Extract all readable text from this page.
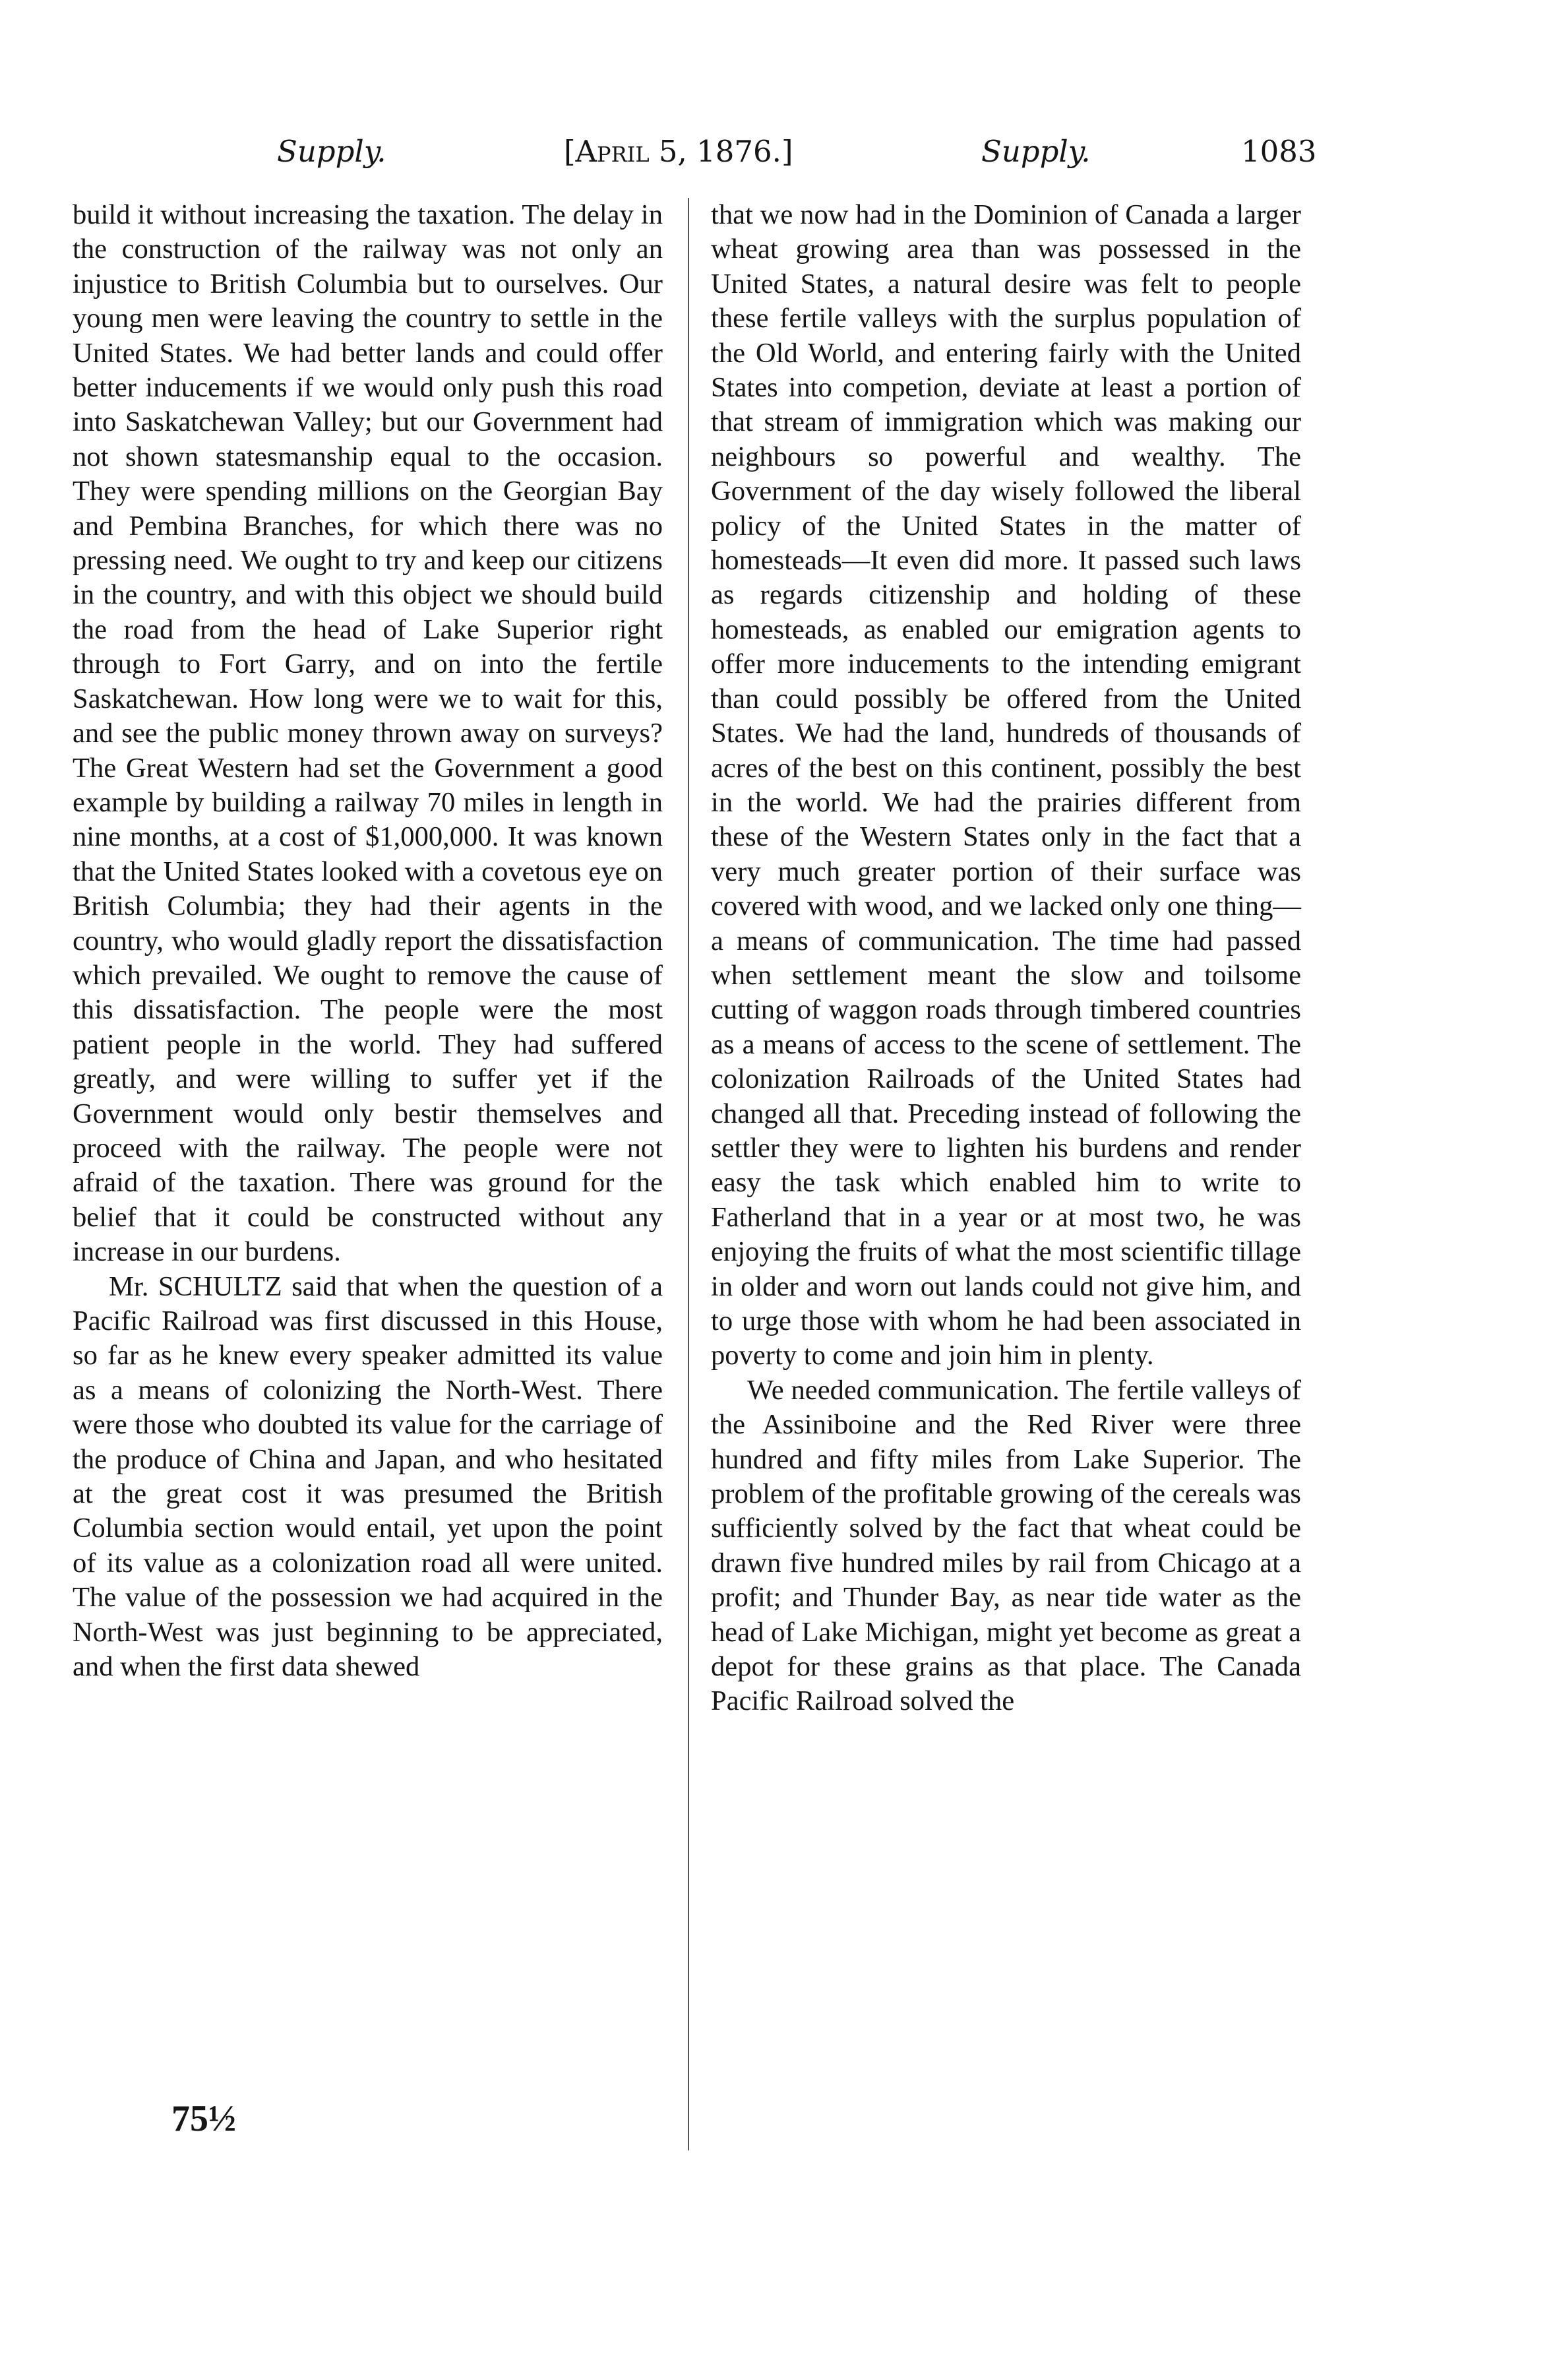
Supply.	[April 5, 1876.]	Supply.	1083

build it without increasing the taxation. The delay in the construction of the railway was not only an injustice to British Columbia but to ourselves. Our young men were leaving the country to settle in the United States. We had better lands and could offer better inducements if we would only push this road into Saskatchewan Valley; but our Government had not shown statesmanship equal to the occasion. They were spending millions on the Georgian Bay and Pembina Branches, for which there was no pressing need. We ought to try and keep our citizens in the country, and with this object we should build the road from the head of Lake Superior right through to Fort Garry, and on into the fertile Saskatchewan. How long were we to wait for this, and see the public money thrown away on surveys? The Great Western had set the Government a good example by building a railway 70 miles in length in nine months, at a cost of $1,000,000. It was known that the United States looked with a covetous eye on British Columbia; they had their agents in the country, who would gladly report the dissatisfaction which prevailed. We ought to remove the cause of this dissatisfaction. The people were the most patient people in the world. They had suffered greatly, and were willing to suffer yet if the Government would only bestir themselves and proceed with the railway. The people were not afraid of the taxation. There was ground for the belief that it could be constructed without any increase in our burdens.

Mr. SCHULTZ said that when the question of a Pacific Railroad was first discussed in this House, so far as he knew every speaker admitted its value as a means of colonizing the North-West. There were those who doubted its value for the carriage of the produce of China and Japan, and who hesitated at the great cost it was presumed the British Columbia section would entail, yet upon the point of its value as a colonization road all were united. The value of the possession we had acquired in the North-West was just beginning to be appreciated, and when the first data shewed

that we now had in the Dominion of Canada a larger wheat growing area than was possessed in the United States, a natural desire was felt to people these fertile valleys with the surplus population of the Old World, and entering fairly with the United States into competion, deviate at least a portion of that stream of immigration which was making our neighbours so powerful and wealthy. The Government of the day wisely followed the liberal policy of the United States in the matter of homesteads—It even did more. It passed such laws as regards citizenship and holding of these homesteads, as enabled our emigration agents to offer more inducements to the intending emigrant than could possibly be offered from the United States. We had the land, hundreds of thousands of acres of the best on this continent, possibly the best in the world. We had the prairies different from these of the Western States only in the fact that a very much greater portion of their surface was covered with wood, and we lacked only one thing—a means of communication. The time had passed when settlement meant the slow and toilsome cutting of waggon roads through timbered countries as a means of access to the scene of settlement. The colonization Railroads of the United States had changed all that. Preceding instead of following the settler they were to lighten his burdens and render easy the task which enabled him to write to Fatherland that in a year or at most two, he was enjoying the fruits of what the most scientific tillage in older and worn out lands could not give him, and to urge those with whom he had been associated in poverty to come and join him in plenty.

We needed communication. The fertile valleys of the Assiniboine and the Red River were three hundred and fifty miles from Lake Superior. The problem of the profitable growing of the cereals was sufficiently solved by the fact that wheat could be drawn five hundred miles by rail from Chicago at a profit; and Thunder Bay, as near tide water as the head of Lake Michigan, might yet become as great a depot for these grains as that place. The Canada Pacific Railroad solved the

75½
